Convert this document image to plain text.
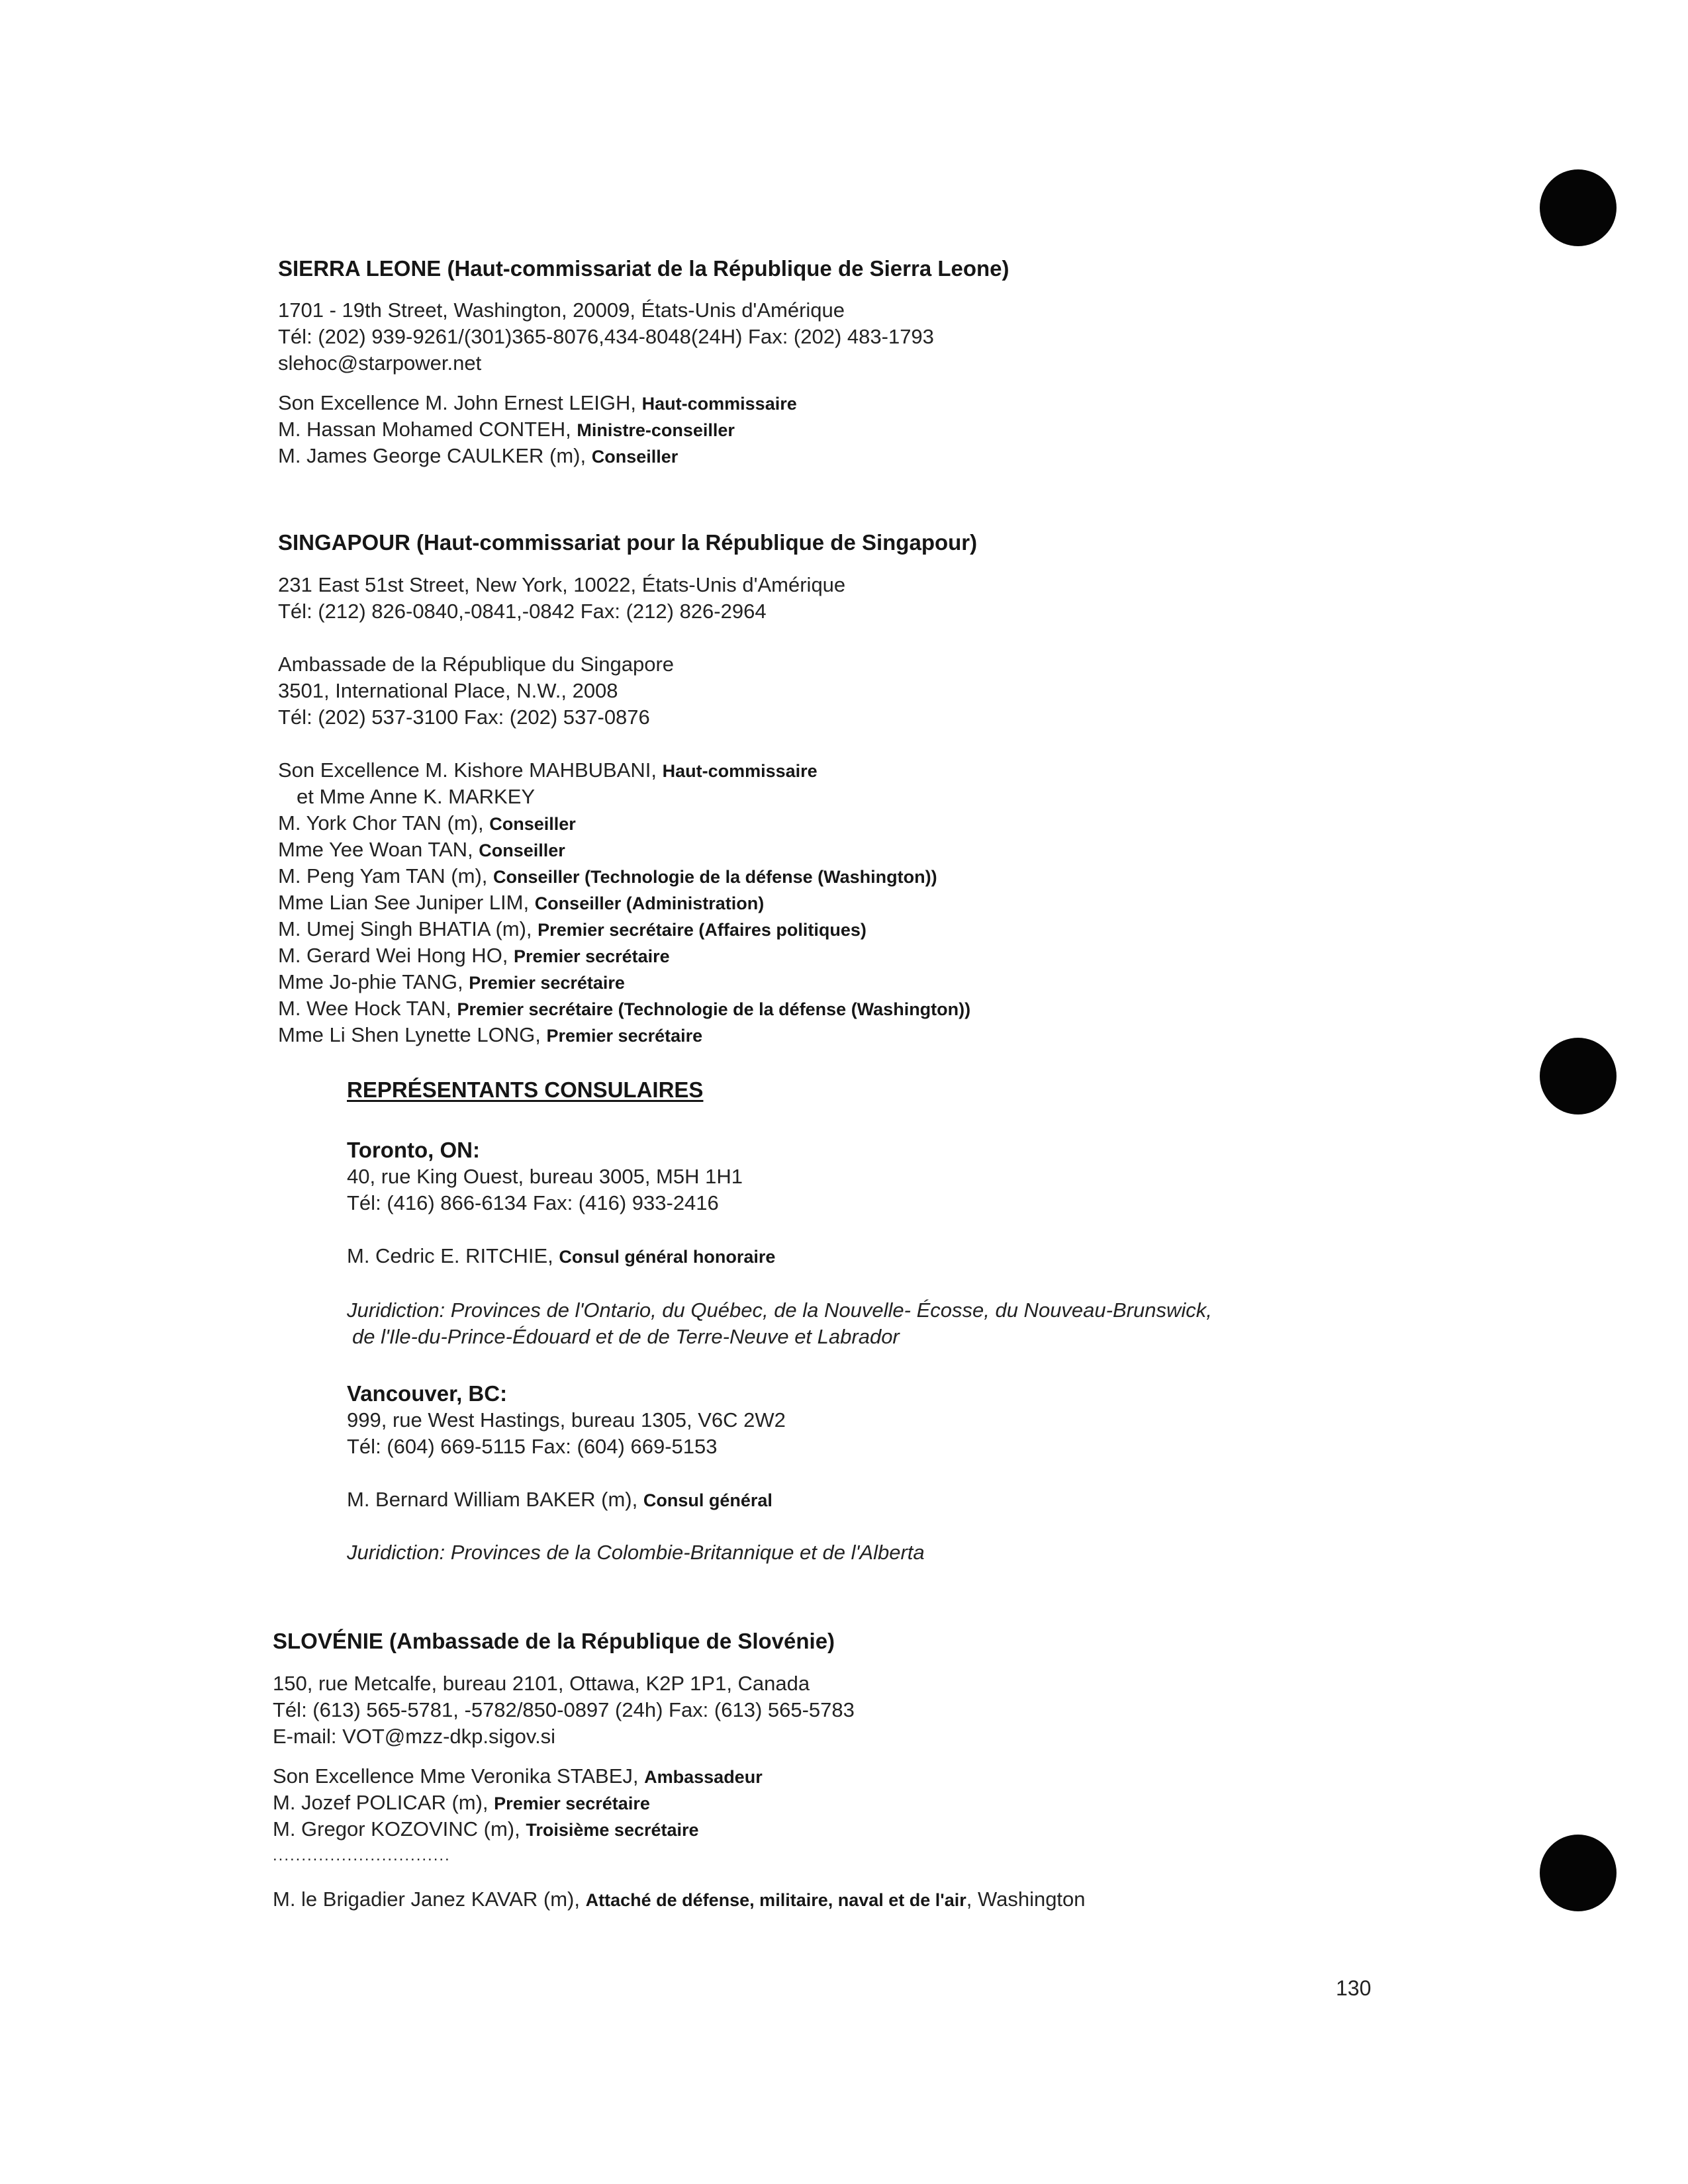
SIERRA LEONE (Haut-commissariat de la République de Sierra Leone)
1701 - 19th Street, Washington, 20009, États-Unis d'Amérique
Tél: (202) 939-9261/(301)365-8076,434-8048(24H) Fax: (202) 483-1793
slehoc@starpower.net
Son Excellence M. John Ernest LEIGH, Haut-commissaire
M. Hassan Mohamed CONTEH, Ministre-conseiller
M. James George CAULKER (m), Conseiller
SINGAPOUR (Haut-commissariat pour la République de Singapour)
231 East 51st Street, New York, 10022, États-Unis d'Amérique
Tél: (212) 826-0840,-0841,-0842 Fax: (212) 826-2964
Ambassade de la République du Singapore
3501, International Place, N.W., 2008
Tél: (202) 537-3100 Fax: (202) 537-0876
Son Excellence M. Kishore MAHBUBANI, Haut-commissaire
et Mme Anne K. MARKEY
M. York Chor TAN (m), Conseiller
Mme Yee Woan TAN, Conseiller
M. Peng Yam TAN (m), Conseiller (Technologie de la défense (Washington))
Mme Lian See Juniper LIM, Conseiller (Administration)
M. Umej Singh BHATIA (m), Premier secrétaire (Affaires politiques)
M. Gerard Wei Hong HO, Premier secrétaire
Mme Jo-phie TANG, Premier secrétaire
M. Wee Hock TAN, Premier secrétaire (Technologie de la défense (Washington))
Mme Li Shen Lynette LONG, Premier secrétaire
REPRÉSENTANTS CONSULAIRES
Toronto, ON:
40, rue King Ouest, bureau 3005, M5H 1H1
Tél: (416) 866-6134 Fax: (416) 933-2416
M. Cedric E. RITCHIE, Consul général honoraire
Juridiction: Provinces de l'Ontario, du Québec, de la Nouvelle- Écosse, du Nouveau-Brunswick,
de l'Ile-du-Prince-Édouard et de de Terre-Neuve et Labrador
Vancouver, BC:
999, rue West Hastings, bureau 1305, V6C 2W2
Tél: (604) 669-5115 Fax: (604) 669-5153
M. Bernard William BAKER (m), Consul général
Juridiction: Provinces de la Colombie-Britannique et de l'Alberta
SLOVÉNIE (Ambassade de la République de Slovénie)
150, rue Metcalfe, bureau 2101, Ottawa, K2P 1P1, Canada
Tél: (613) 565-5781, -5782/850-0897 (24h) Fax: (613) 565-5783
E-mail: VOT@mzz-dkp.sigov.si
Son Excellence Mme Veronika STABEJ, Ambassadeur
M. Jozef POLICAR (m), Premier secrétaire
M. Gregor KOZOVINC (m), Troisième secrétaire
...............................
M. le Brigadier Janez KAVAR (m), Attaché de défense, militaire, naval et de l'air, Washington
130
